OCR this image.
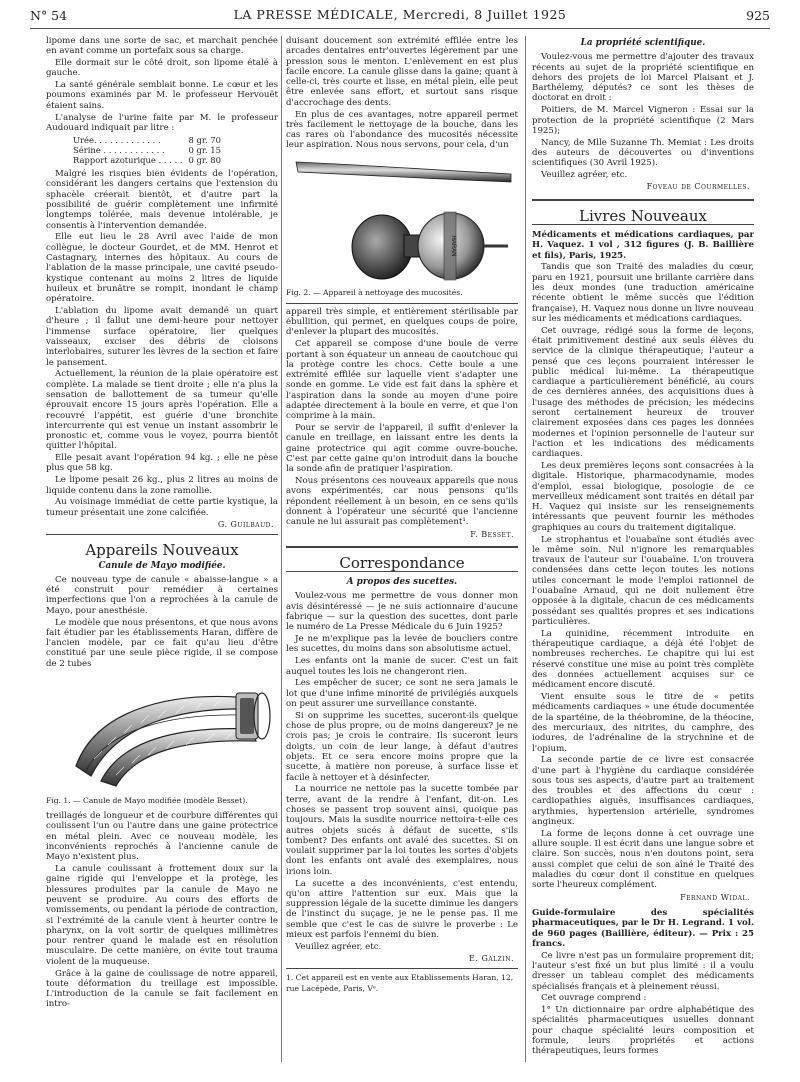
N° 54	LA PRESSE MÉDICALE, Mercredi, 8 Juillet 1925	925

lipome dans une sorte de sac, et marchait penchée en avant comme un portefaix sous sa charge.

Elle dormait sur le côté droit, son lipome étalé à gauche.

La santé générale semblait bonne. Le cœur et les poumons examinés par M. le professeur Hervouët étaient sains.

L'analyse de l'urine faite par M. le professeur Audouard indiquait par litre :

Urée. . . . . . . . . . . . .	8 gr. 70
Sérine . . . . . . . . . . . .	0 gr. 15
Rapport azoturique . . . . .	0 gr. 80

Malgré les risques bien évidents de l'opération, considérant les dangers certains que l'extension du sphacèle créerait bientôt, et d'autre part la possibilité de guérir complètement une infirmité longtemps tolérée, mais devenue intolérable, je consentis à l'intervention demandée.

Elle eut lieu le 28 Avril avec l'aide de mon collègue, le docteur Gourdet, et de MM. Henrot et Castagnary, internes des hôpitaux. Au cours de l'ablation de la masse principale, une cavité pseudo-kystique contenant au moins 2 litres de liquide huileux et brunâtre se rompit, inondant le champ opératoire.

L'ablation du lipome avait demandé un quart d'heure ; il fallut une demi-heure pour nettoyer l'immense surface opératoire, lier quelques vaisseaux, exciser des débris de cloisons interlobaires, suturer les lèvres de la section et faire le pansement.

Actuellement, la réunion de la plaie opératoire est complète. La malade se tient droite ; elle n'a plus la sensation de ballottement de sa tumeur qu'elle éprouvait encore 15 jours après l'opération. Elle a recouvré l'appétit, est guérie d'une bronchite intercurrente qui est venue un instant assombrir le pronostic et, comme vous le voyez, pourra bientôt quitter l'hôpital.

Elle pesait avant l'opération 94 kg. ; elle ne pèse plus que 58 kg.

Le lipome pesait 26 kg., plus 2 litres au moins de liquide contenu dans la zone ramollie.

Au voisinage immédiat de cette partie kystique, la tumeur présentait une zone calcifiée.

G. Guilbaud.
Appareils Nouveaux
Canule de Mayo modifiée.

Ce nouveau type de canule « abaisse-langue » a été construit pour remédier à certaines imperfections que l'on a reprochées à la canule de Mayo, pour anesthésie.

Le modèle que nous présentons, et que nous avons fait étudier par les établissements Haran, diffère de l'ancien modèle, par ce fait qu'au lieu d'être constitué par une seule pièce rigide, il se compose de 2 tubes

Fig. 1. — Canule de Mayo modifiée (modèle Besset).

treillagés de longueur et de courbure différentes qui coulissent l'un ou l'autre dans une gaine protectrice en métal plein. Avec ce nouveau modèle, les inconvénients reprochés à l'ancienne canule de Mayo n'existent plus.

La canule coulissant à frottement doux sur la gaine rigide qui l'enveloppe et la protège, les blessures produites par la canule de Mayo ne peuvent se produire. Au cours des efforts de vomissements, ou pendant la période de contraction, si l'extrémité de la canule vient à heurter contre le pharynx, on la voit sortir de quelques millimètres pour rentrer quand le malade est en résolution musculaire. De cette manière, on évite tout trauma violent de la muqueuse.

Grâce à la gaine de coulissage de notre appareil, toute déformation du treillage est impossible. L'introduction de la canule se fait facilement en intro-

duisant doucement son extrémité effilée entre les arcades dentaires entr'ouvertes légèrement par une pression sous le menton. L'enlèvement en est plus facile encore. La canule glisse dans la gaine; quant à celle-ci, très courte et lisse, en métal plein, elle peut être enlevée sans effort, et surtout sans risque d'accrochage des dents.

En plus de ces avantages, notre appareil permet très facilement le nettoyage de la bouche, dans les cas rares où l'abondance des mucosités nécessite leur aspiration. Nous nous servons, pour cela, d'un

HARAN
Fig. 2. — Appareil à nettoyage des mucosités.

appareil très simple, et entièrement stérilisable par ébullition, qui permet, en quelques coups de poire, d'enlever la plupart des mucosités.

Cet appareil se compose d'une boule de verre portant à son équateur un anneau de caoutchouc qui la protège contre les chocs. Cette boule a une extrémité effilée sur laquelle vient s'adapter une sonde en gomme. Le vide est fait dans la sphère et l'aspiration dans la sonde au moyen d'une poire adaptée directement à la boule en verre, et que l'on comprime à la main.

Pour se servir de l'appareil, il suffit d'enlever la canule en treillage, en laissant entre les dents la gaine protectrice qui agit comme ouvre-bouche. C'est par cette gaine qu'on introduit dans la bouche la sonde afin de pratiquer l'aspiration.

Nous présentons ces nouveaux appareils que nous avons expérimentés, car nous pensons qu'ils répondent réellement à un besoin, en ce sens qu'ils donnent à l'opérateur une sécurité que l'ancienne canule ne lui assurait pas complètement¹.

F. Besset.
Correspondance
A propos des sucettes.

Voulez-vous me permettre de vous donner mon avis désintéressé — je ne suis actionnaire d'aucune fabrique — sur la question des sucettes, dont parle le numéro de La Presse Médicale du 6 Juin 1925?

Je ne m'explique pas la levée de boucliers contre les sucettes, du moins dans son absolutisme actuel.

Les enfants ont la manie de sucer. C'est un fait auquel toutes les lois ne changeront rien.

Les empêcher de sucer; ce sont ne sera jamais le lot que d'une infime minorité de privilégiés auxquels on peut assurer une surveillance constante.

Si on supprime les sucettes, suceront-ils quelque chose de plus propre, ou de moins dangereux? je ne crois pas; je crois le contraire. Ils suceront leurs doigts, un coin de leur lange, à défaut d'autres objets. Et ce sera encore moins propre que la sucette, à matière non poreuse, à surface lisse et facile à nettoyer et à désinfecter.

La nourrice ne nettoie pas la sucette tombée par terre, avant de la rendre à l'enfant, dit-on. Les choses se passent trop souvent ainsi, quoique pas toujours. Mais la susdite nourrice nettoira-t-elle ces autres objets sucés à défaut de sucette, s'ils tombent? Des enfants ont avalé des sucettes. Si on voulait supprimer par la loi toutes les sortes d'objets dont les enfants ont avalé des exemplaires, nous irions loin.

La sucette a des inconvénients, c'est entendu, qu'on attire l'attention sur eux. Mais que la suppression légale de la sucette diminue les dangers de l'instinct du suçage, je ne le pense pas. Il me semble que c'est le cas de suivre le proverbe : Le mieux est parfois l'ennemi du bien.

Veuillez agréer, etc.

E. Galzin.
1. Cet appareil est en vente aux Etablissements Haran, 12, rue Lacépède, Paris, Vᵉ.
La propriété scientifique.

Voulez-vous me permettre d'ajouter des travaux récents au sujet de la propriété scientifique en dehors des projets de loi Marcel Plaisant et J. Barthélemy, députés? ce sont les thèses de doctorat en droit :

Poitiers, de M. Marcel Vigneron : Essai sur la protection de la propriété scientifique (2 Mars 1925);

Nancy, de Mlle Suzanne Th. Memiat : Les droits des auteurs de découvertes ou d'inventions scientifiques (30 Avril 1925).

Veuillez agréer, etc.

Foveau de Courmelles.
Livres Nouveaux

Médicaments et médications cardiaques, par H. Vaquez. 1 vol , 312 figures (J. B. Baillière et fils), Paris, 1925.

Tandis que son Traité des maladies du cœur, paru en 1921, poursuit une brillante carrière dans les deux mondes (une traduction américaine récente obtient le même succès que l'édition française), H. Vaquez nous donne un livre nouveau sur les médicaments et médications cardiaques.

Cet ouvrage, rédigé sous la forme de leçons, était primitivement destiné aux seuls élèves du service de la clinique thérapeutique; l'auteur a pensé que ces leçons pourraient intéresser le public médical lui-même. La thérapeutique cardiaque a particulièrement bénéficié, au cours de ces dernières années, des acquisitions dues à l'usage des méthodes de précision; les médecins seront certainement heureux de trouver clairement exposées dans ces pages les données modernes et l'opinion personnelle de l'auteur sur l'action et les indications des médicaments cardiaques.

Les deux premières leçons sont consacrées à la digitale. Historique, pharmacodynamie, modes d'emploi, essai biologique, posologie de ce merveilleux médicament sont traités en détail par H. Vaquez qui insiste sur les renseignements intéressants que peuvent fournir les méthodes graphiques au cours du traitement digitalique.

Le strophantus et l'ouabaïne sont étudiés avec le même soin. Nul n'ignore les remarquables travaux de l'auteur sur l'ouabaïne. L'on trouvera condensées dans cette leçon toutes les notions utiles concernant le mode l'emploi rationnel de l'ouabaïne Arnaud, qui ne doit nullement être opposée à la digitale, chacun de ces médicaments possédant ses qualités propres et ses indications particulières.

La quinidine, récemment introduite en thérapeutique cardiaque, a déjà été l'objet de nombreuses recherches. Le chapitre qui lui est réservé constitue une mise au point très complète des données actuellement acquises sur ce médicament encore discuté.

Vient ensuite sous le titre de « petits médicaments cardiaques » une étude documentée de la spartéine, de la théobromine, de la théocine, des mercuriaux, des nitrites, du camphre, des iodures, de l'adrénaline de la strychnine et de l'opium.

La seconde partie de ce livre est consacrée d'une part à l'hygiène du cardiaque considérée sous tous ses aspects, d'autre part au traitement des troubles et des affections du cœur : cardiopathies aiguës, insuffisances cardiaques, arythmies, hypertension artérielle, syndromes angineux.

La forme de leçons donne à cet ouvrage une allure souple. Il est écrit dans une langue sobre et claire. Son succès, nous n'en doutons point, sera aussi complet que celui de son aîné le Traité des maladies du cœur dont il constitue en quelques sorte l'heureux complément.

Fernand Widal.

Guide-formulaire des spécialités pharmaceutiques, par le Dr H. Legrand. 1 vol. de 960 pages (Baillière, éditeur). — Prix : 25 francs.

Ce livre n'est pas un formulaire proprement dit; l'auteur s'est fixé un but plus limité : il a voulu dresser un tableau complet des médicaments spécialisés français et à pleinement réussi.

Cet ouvrage comprend :

1° Un dictionnaire par ordre alphabétique des spécialités pharmaceutiques usuelles donnant pour chaque spécialité leurs composition et formule, leurs propriétés et actions thérapeutiques, leurs formes
